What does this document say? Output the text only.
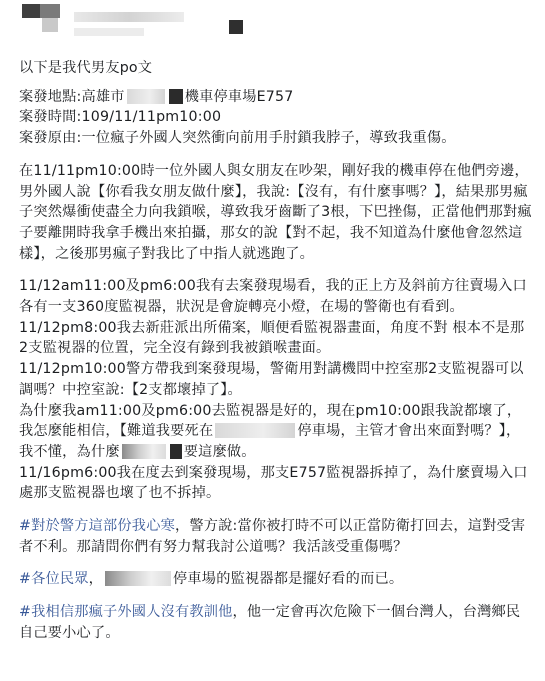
以下是我代男友po文

案發地點:高雄市	機車停車場E757

案發時間:109/11/11pm10:00

案發原由:一位瘋子外國人突然衝向前用手肘鎖我脖子，導致我重傷。

在11/11pm10:00時一位外國人與女朋友在吵架，剛好我的機車停在他們旁邊，男外國人說【你看我女朋友做什麼】，我說:【沒有，有什麼事嗎？】，結果那男瘋子突然爆衝使盡全力向我鎖喉，導致我牙齒斷了3根，下巴挫傷，正當他們那對瘋子要離開時我拿手機出來拍攝，那女的說【對不起，我不知道為什麼他會忽然這樣】，之後那男瘋子對我比了中指人就逃跑了。

11/12am11:00及pm6:00我有去案發現場看，我的正上方及斜前方往賣場入口各有一支360度監視器，狀況是會旋轉亮小燈，在場的警衛也有看到。

11/12pm8:00我去新莊派出所備案，順便看監視器畫面，角度不對 根本不是那2支監視器的位置，完全沒有錄到我被鎖喉畫面。

11/12pm10:00警方帶我到案發現場，警衛用對講機問中控室那2支監視器可以調嗎？中控室說:【2支都壞掉了】。

為什麼我am11:00及pm6:00去監視器是好的，現在pm10:00跟我說都壞了，我怎麼能相信，【難道我要死在	停車場，主管才會出來面對嗎？】， 我不懂，為什麼	要這麼做。

11/16pm6:00我在度去到案發現場，那支E757監視器拆掉了，為什麼賣場入口處那支監視器也壞了也不拆掉。

#對於警方這部份我心寒，警方說:當你被打時不可以正當防衛打回去，這對受害者不利。那請問你們有努力幫我討公道嗎？我活該受重傷嗎？

#各位民眾，	停車場的監視器都是擺好看的而已。

#我相信那瘋子外國人沒有教訓他，他一定會再次危險下一個台灣人，台灣鄉民 自己要小心了。
